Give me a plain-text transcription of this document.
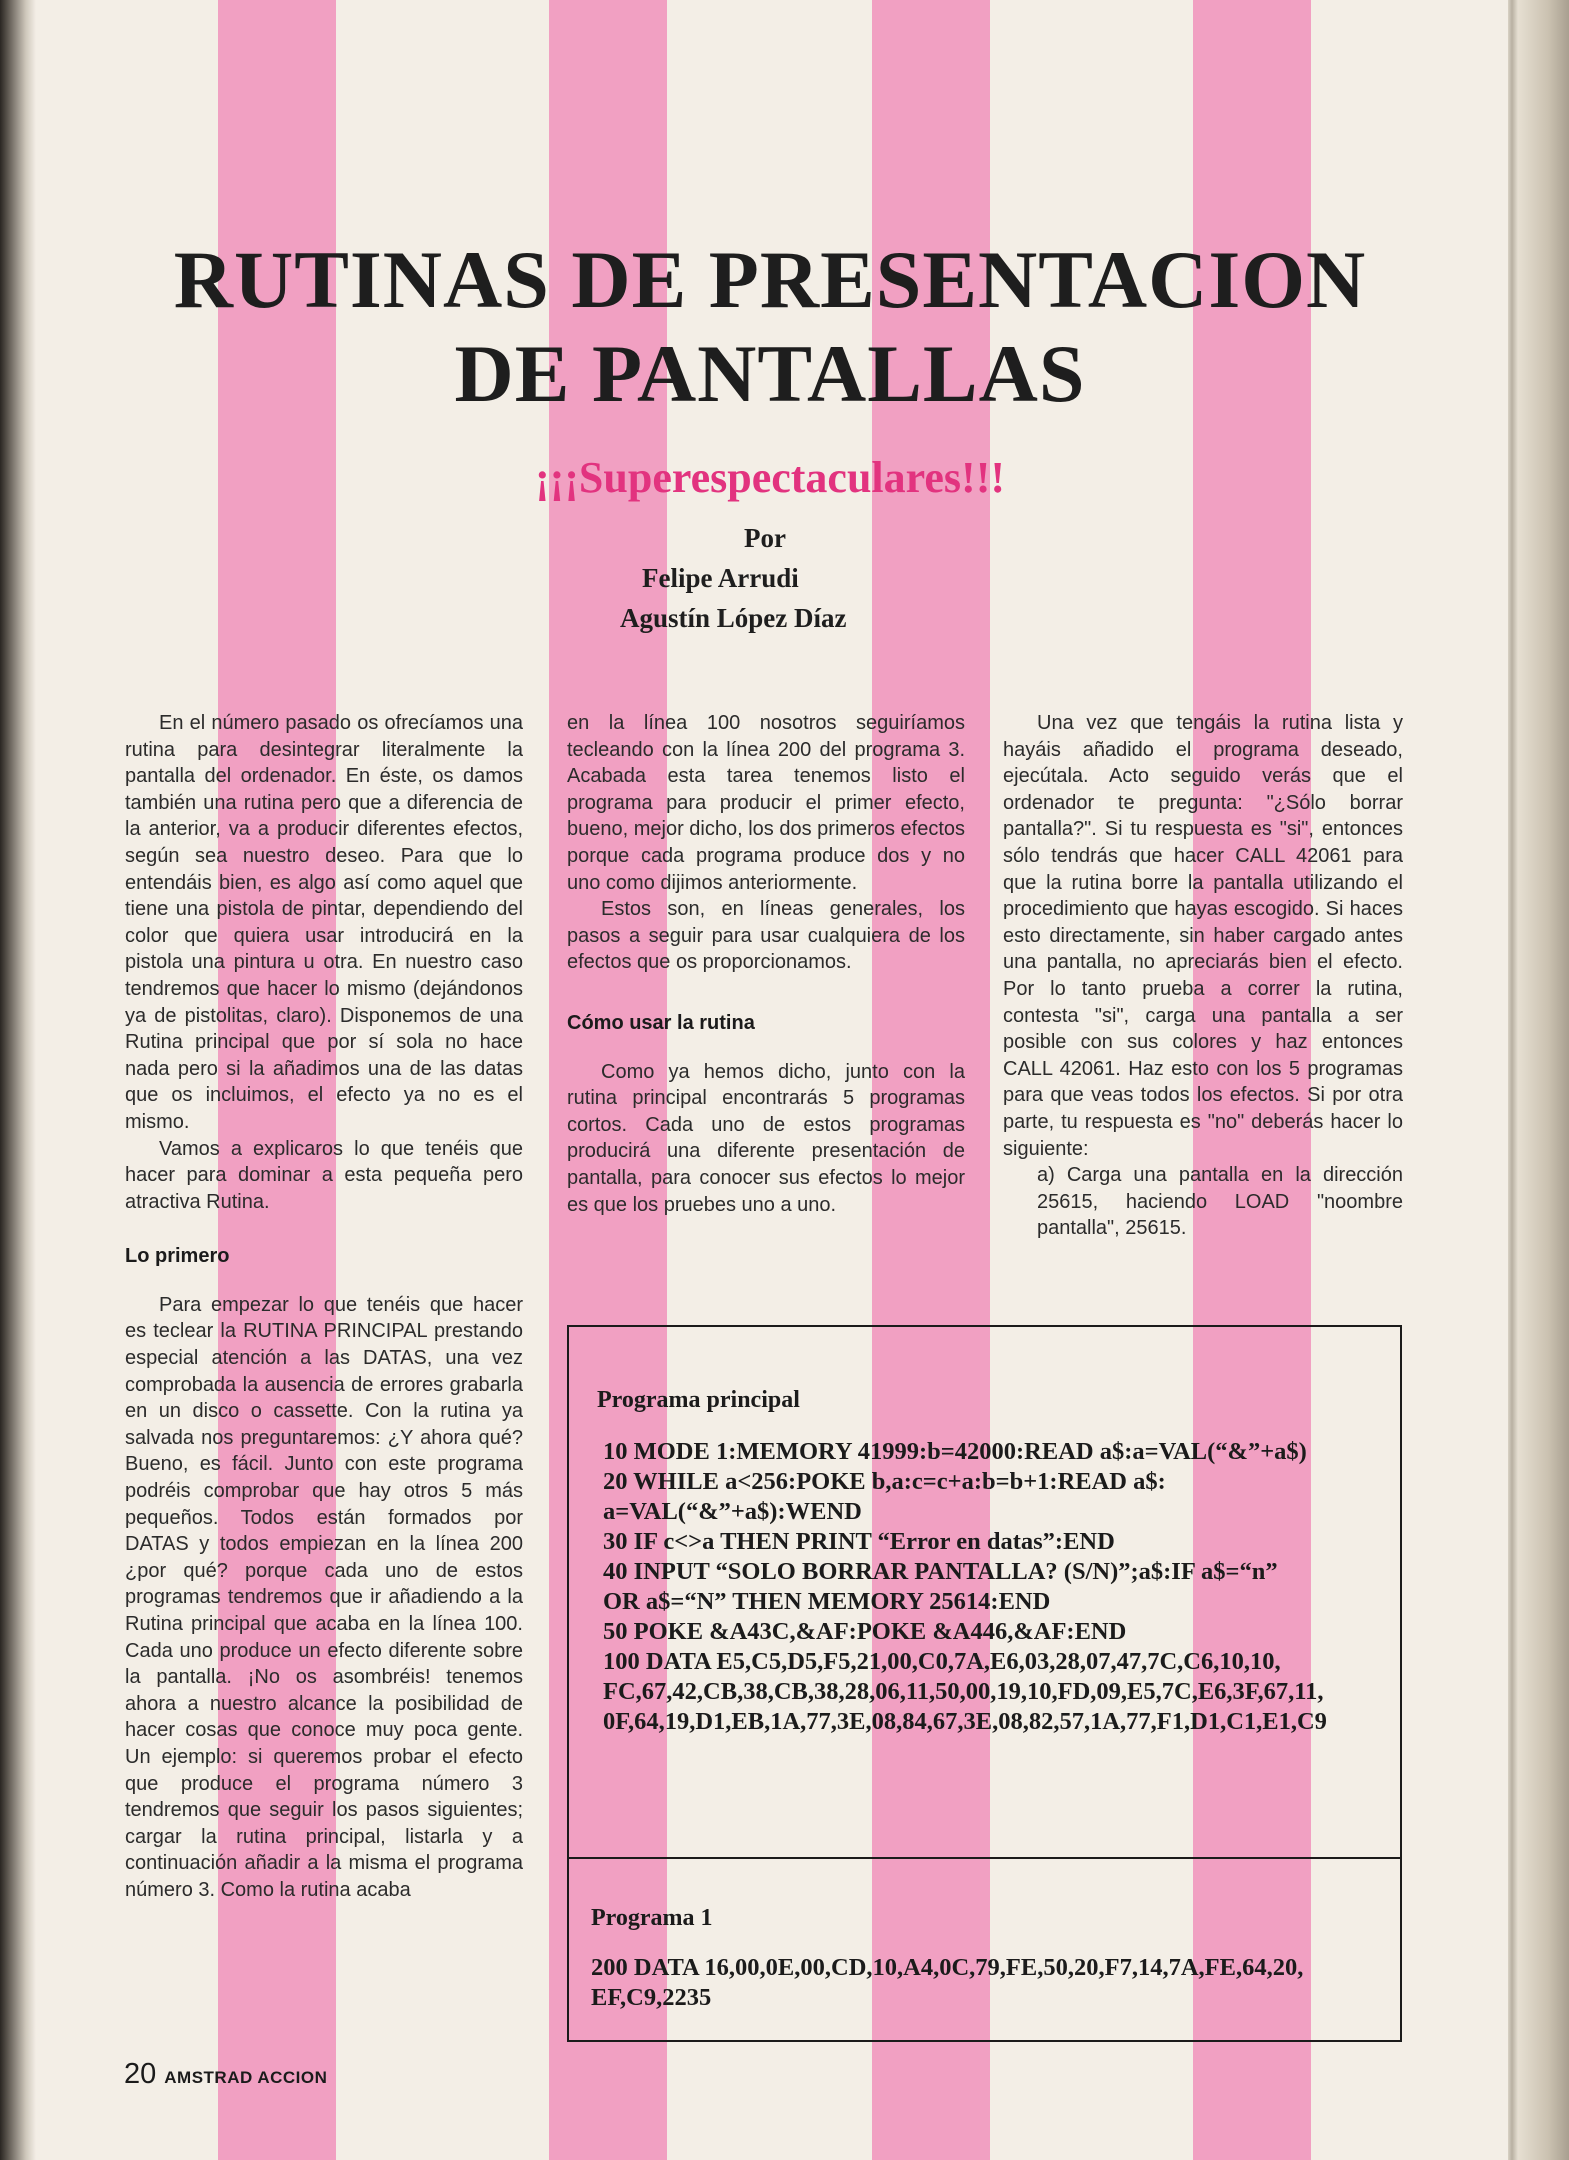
RUTINAS DE PRESENTACION
DE PANTALLAS
¡¡¡Superespectaculares!!!
Por
Felipe Arrudi
Agustín López Díaz

En el número pasado os ofrecíamos una rutina para desintegrar literalmente la pantalla del ordenador. En éste, os damos también una rutina pero que a diferencia de la anterior, va a producir diferentes efectos, según sea nuestro deseo. Para que lo entendáis bien, es algo así como aquel que tiene una pistola de pintar, dependiendo del color que quiera usar introducirá en la pistola una pintura u otra. En nuestro caso tendremos que hacer lo mismo (dejándonos ya de pistolitas, claro). Disponemos de una Rutina principal que por sí sola no hace nada pero si la añadimos una de las datas que os incluimos, el efecto ya no es el mismo.

Vamos a explicaros lo que tenéis que hacer para dominar a esta pequeña pero atractiva Rutina.

Lo primero

Para empezar lo que tenéis que hacer es teclear la RUTINA PRINCIPAL prestando especial atención a las DATAS, una vez comprobada la ausencia de errores grabarla en un disco o cassette. Con la rutina ya salvada nos preguntaremos: ¿Y ahora qué? Bueno, es fácil. Junto con este programa podréis comprobar que hay otros 5 más pequeños. Todos están formados por DATAS y todos empiezan en la línea 200 ¿por qué? porque cada uno de estos programas tendremos que ir añadiendo a la Rutina principal que acaba en la línea 100. Cada uno produce un efecto diferente sobre la pantalla. ¡No os asombréis! tenemos ahora a nuestro alcance la posibilidad de hacer cosas que conoce muy poca gente. Un ejemplo: si queremos probar el efecto que produce el programa número 3 tendremos que seguir los pasos siguientes; cargar la rutina principal, listarla y a continuación añadir a la misma el programa número 3. Como la rutina acaba

en la línea 100 nosotros seguiríamos tecleando con la línea 200 del programa 3. Acabada esta tarea tenemos listo el programa para producir el primer efecto, bueno, mejor dicho, los dos primeros efectos porque cada programa produce dos y no uno como dijimos anteriormente.

Estos son, en líneas generales, los pasos a seguir para usar cualquiera de los efectos que os proporcionamos.

Cómo usar la rutina

Como ya hemos dicho, junto con la rutina principal encontrarás 5 programas cortos. Cada uno de estos programas producirá una diferente presentación de pantalla, para conocer sus efectos lo mejor es que los pruebes uno a uno.

Una vez que tengáis la rutina lista y hayáis añadido el programa deseado, ejecútala. Acto seguido verás que el ordenador te pregunta: "¿Sólo borrar pantalla?". Si tu respuesta es "si", entonces sólo tendrás que hacer CALL 42061 para que la rutina borre la pantalla utilizando el procedimiento que hayas escogido. Si haces esto directamente, sin haber cargado antes una pantalla, no apreciarás bien el efecto. Por lo tanto prueba a correr la rutina, contesta "si", carga una pantalla a ser posible con sus colores y haz entonces CALL 42061. Haz esto con los 5 programas para que veas todos los efectos. Si por otra parte, tu respuesta es "no" deberás hacer lo siguiente:

a) Carga una pantalla en la dirección 25615, haciendo LOAD "noombre pantalla", 25615.

Programa principal
10 MODE 1:MEMORY 41999:b=42000:READ a$:a=VAL(“&”+a$)
20 WHILE a<256:POKE b,a:c=c+a:b=b+1:READ a$:
a=VAL(“&”+a$):WEND
30 IF c<>a THEN PRINT “Error en datas”:END
40 INPUT “SOLO BORRAR PANTALLA? (S/N)”;a$:IF a$=“n”
OR a$=“N” THEN MEMORY 25614:END
50 POKE &A43C,&AF:POKE &A446,&AF:END
100 DATA E5,C5,D5,F5,21,00,C0,7A,E6,03,28,07,47,7C,C6,10,10,
FC,67,42,CB,38,CB,38,28,06,11,50,00,19,10,FD,09,E5,7C,E6,3F,67,11,
0F,64,19,D1,EB,1A,77,3E,08,84,67,3E,08,82,57,1A,77,F1,D1,C1,E1,C9
Programa 1
200 DATA 16,00,0E,00,CD,10,A4,0C,79,FE,50,20,F7,14,7A,FE,64,20,
EF,C9,2235
20 AMSTRAD ACCION
